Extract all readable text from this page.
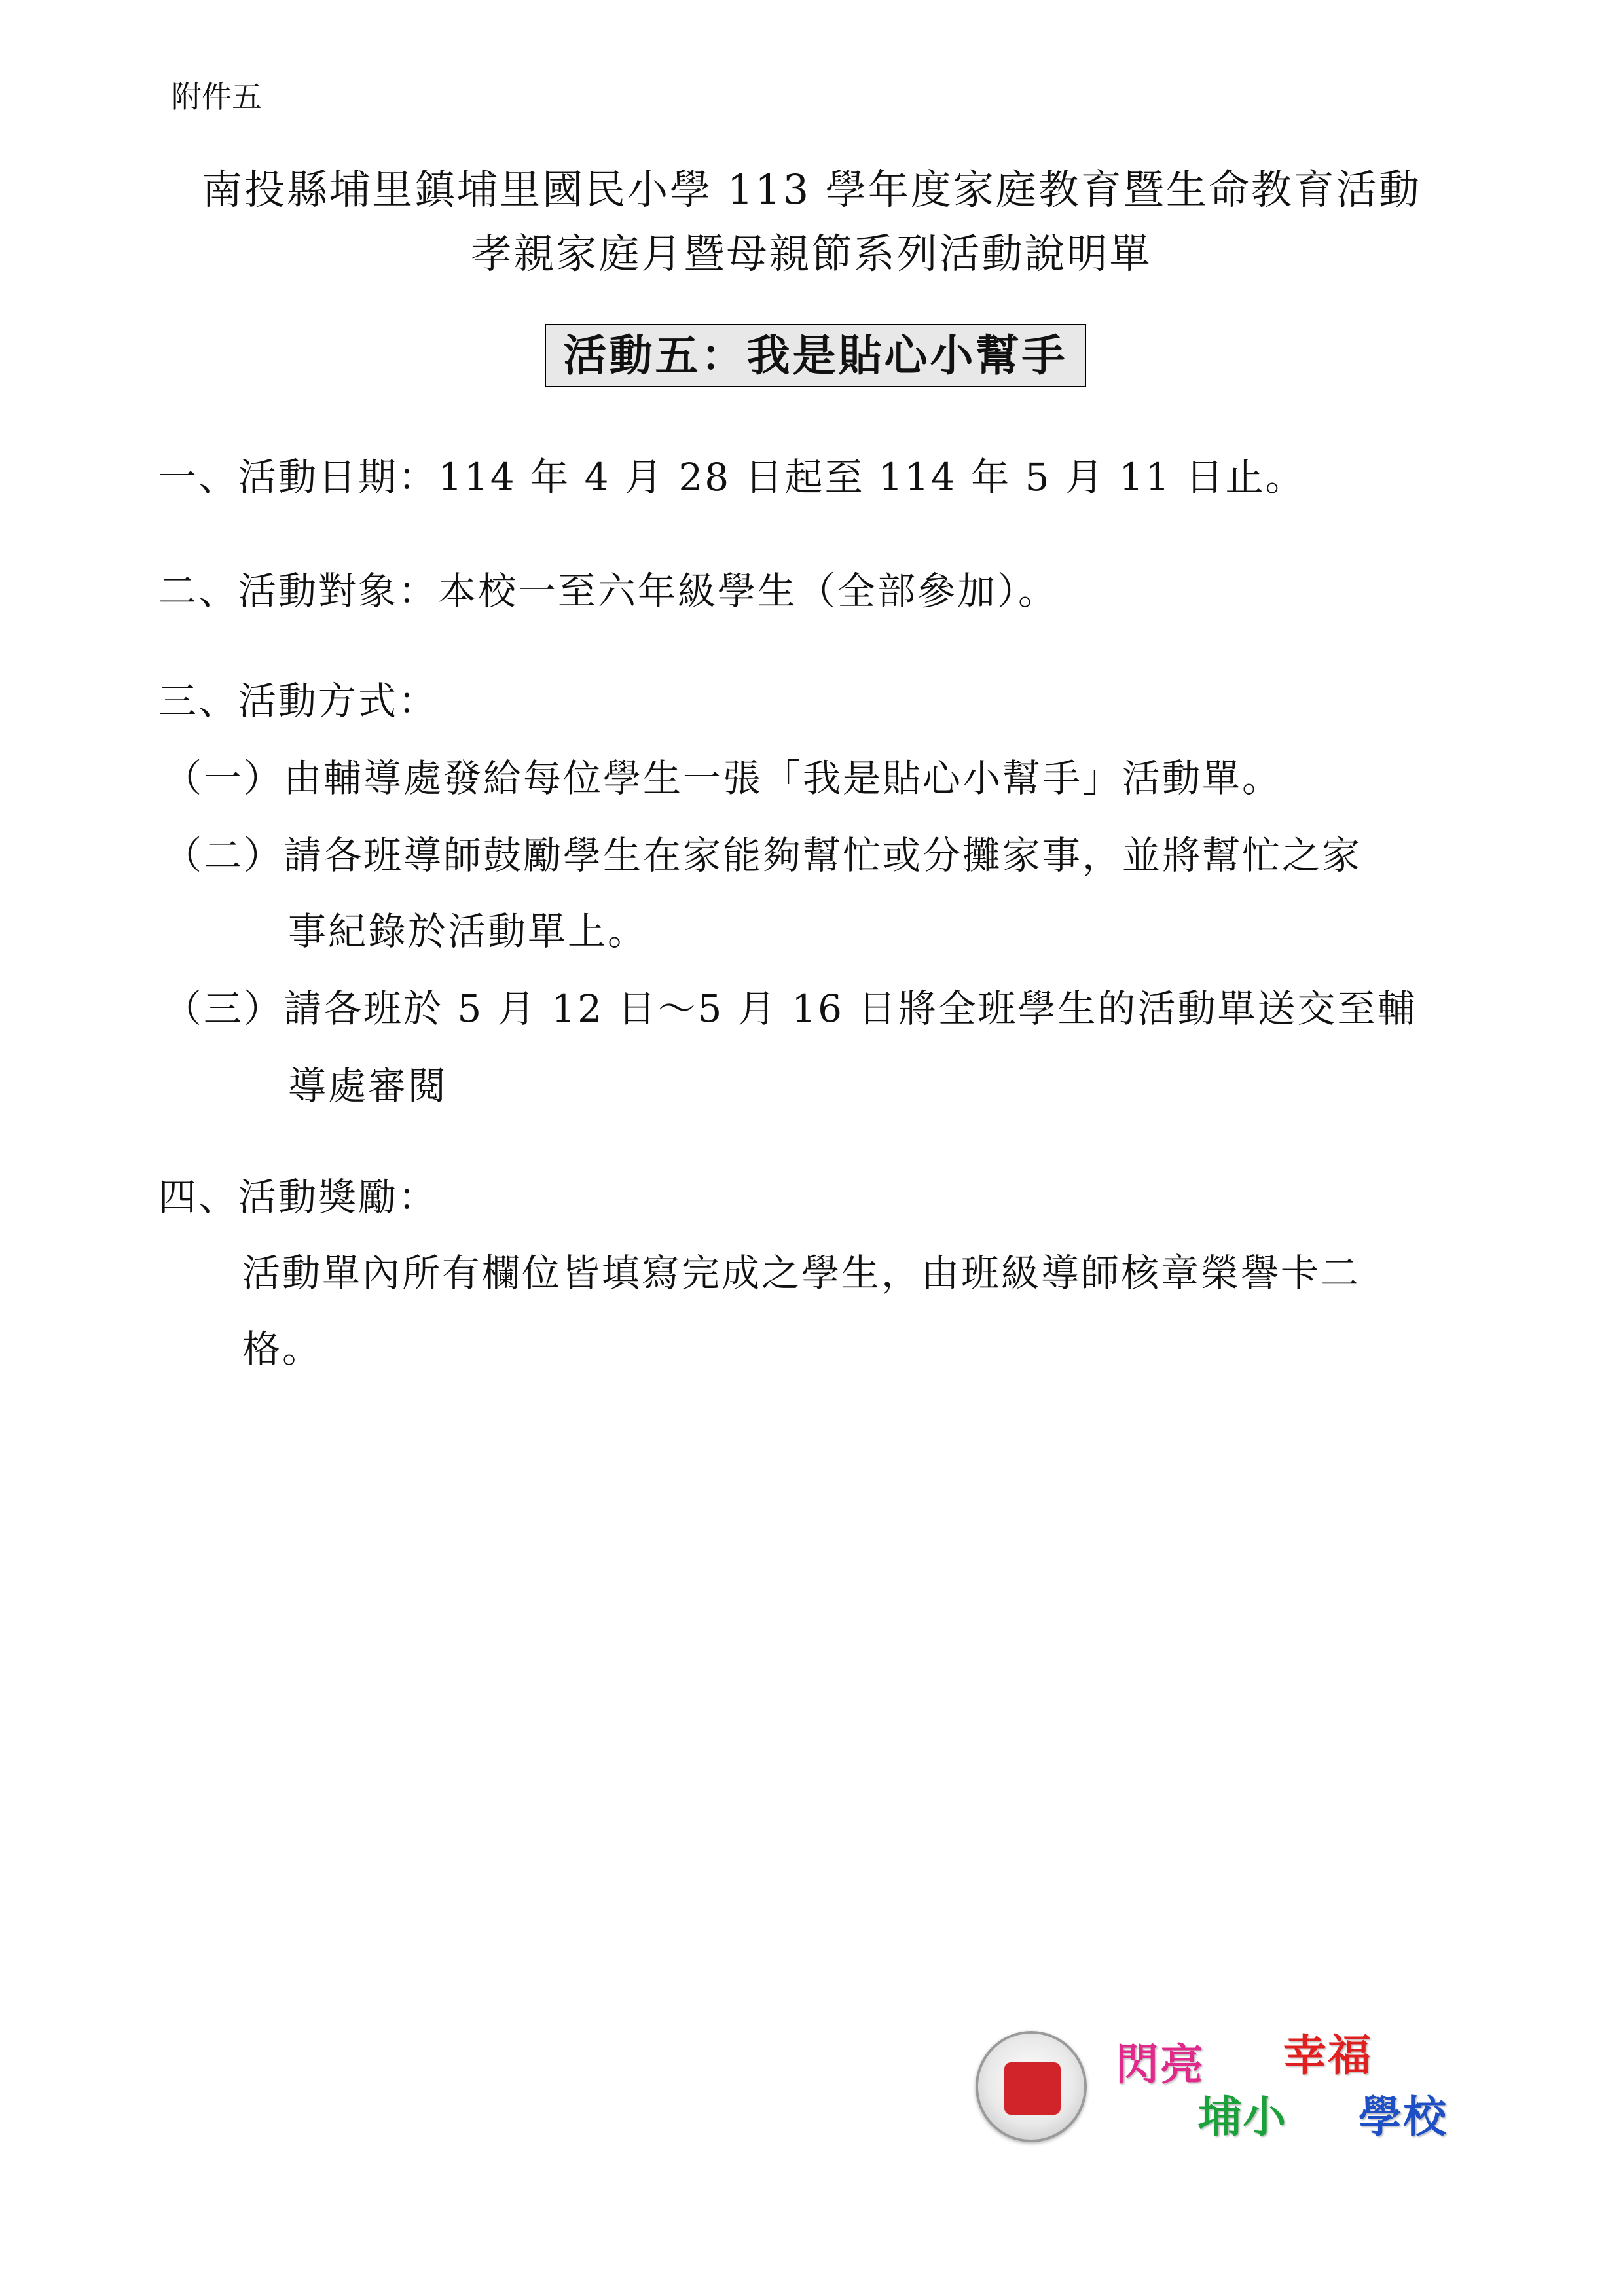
附件五
南投縣埔里鎮埔里國民小學 113 學年度家庭教育暨生命教育活動
孝親家庭月暨母親節系列活動說明單
活動五：我是貼心小幫手
一、活動日期：114 年 4 月 28 日起至 114 年 5 月 11 日止。
二、活動對象：本校一至六年級學生（全部參加）。
三、活動方式：
（一）由輔導處發給每位學生一張「我是貼心小幫手」活動單。
（二）請各班導師鼓勵學生在家能夠幫忙或分攤家事，並將幫忙之家
事紀錄於活動單上。
（三）請各班於 5 月 12 日～5 月 16 日將全班學生的活動單送交至輔
導處審閱
四、活動獎勵：
活動單內所有欄位皆填寫完成之學生，由班級導師核章榮譽卡二
格。
閃亮 幸福
埔小 學校
